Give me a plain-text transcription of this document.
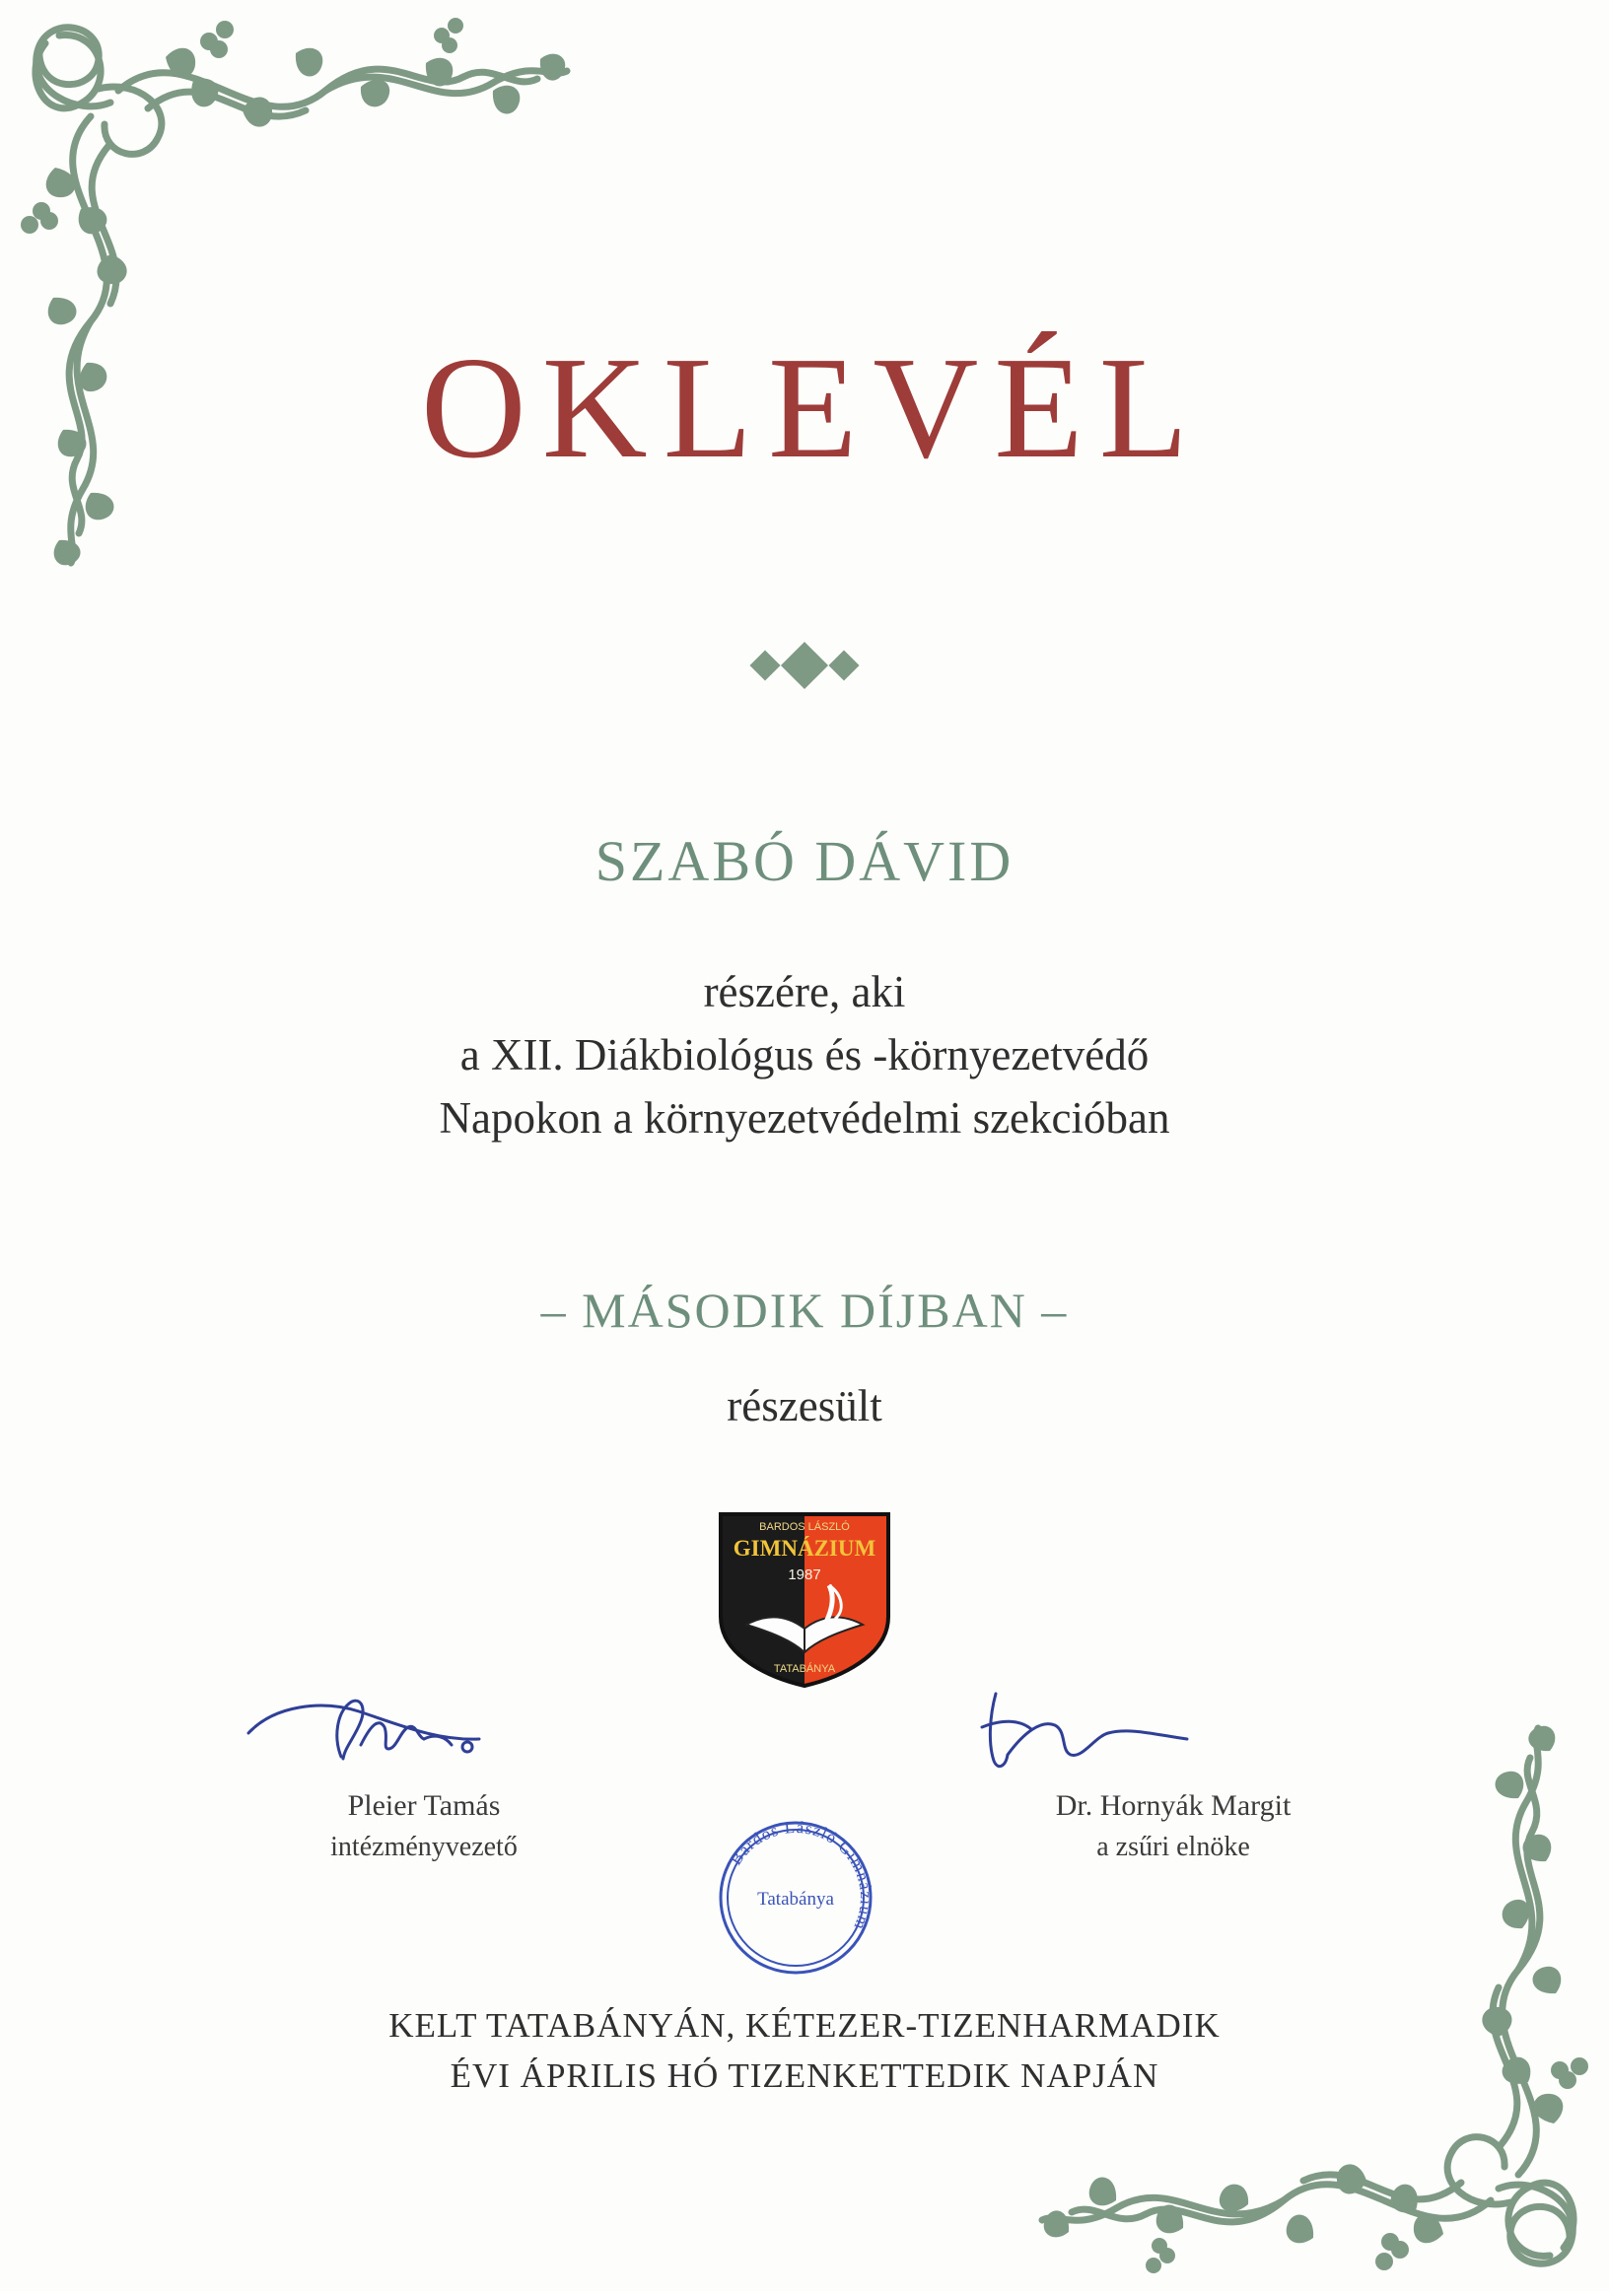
OKLEVÉL
SZABÓ DÁVID
részére, aki
a XII. Diákbiológus és -környezetvédő
Napokon a környezetvédelmi szekcióban
– MÁSODIK DÍJBAN –
részesült
BARDOS LÁSZLÓ
GIMNÁZIUM
1987
TATABÁNYA
Pleier Tamás
intézményvezető
Dr. Hornyák Margit
a zsűri elnöke
Bardos László Gimnázium
Tatabánya
KELT TATABÁNYÁN, KÉTEZER-TIZENHARMADIK
ÉVI ÁPRILIS HÓ TIZENKETTEDIK NAPJÁN
